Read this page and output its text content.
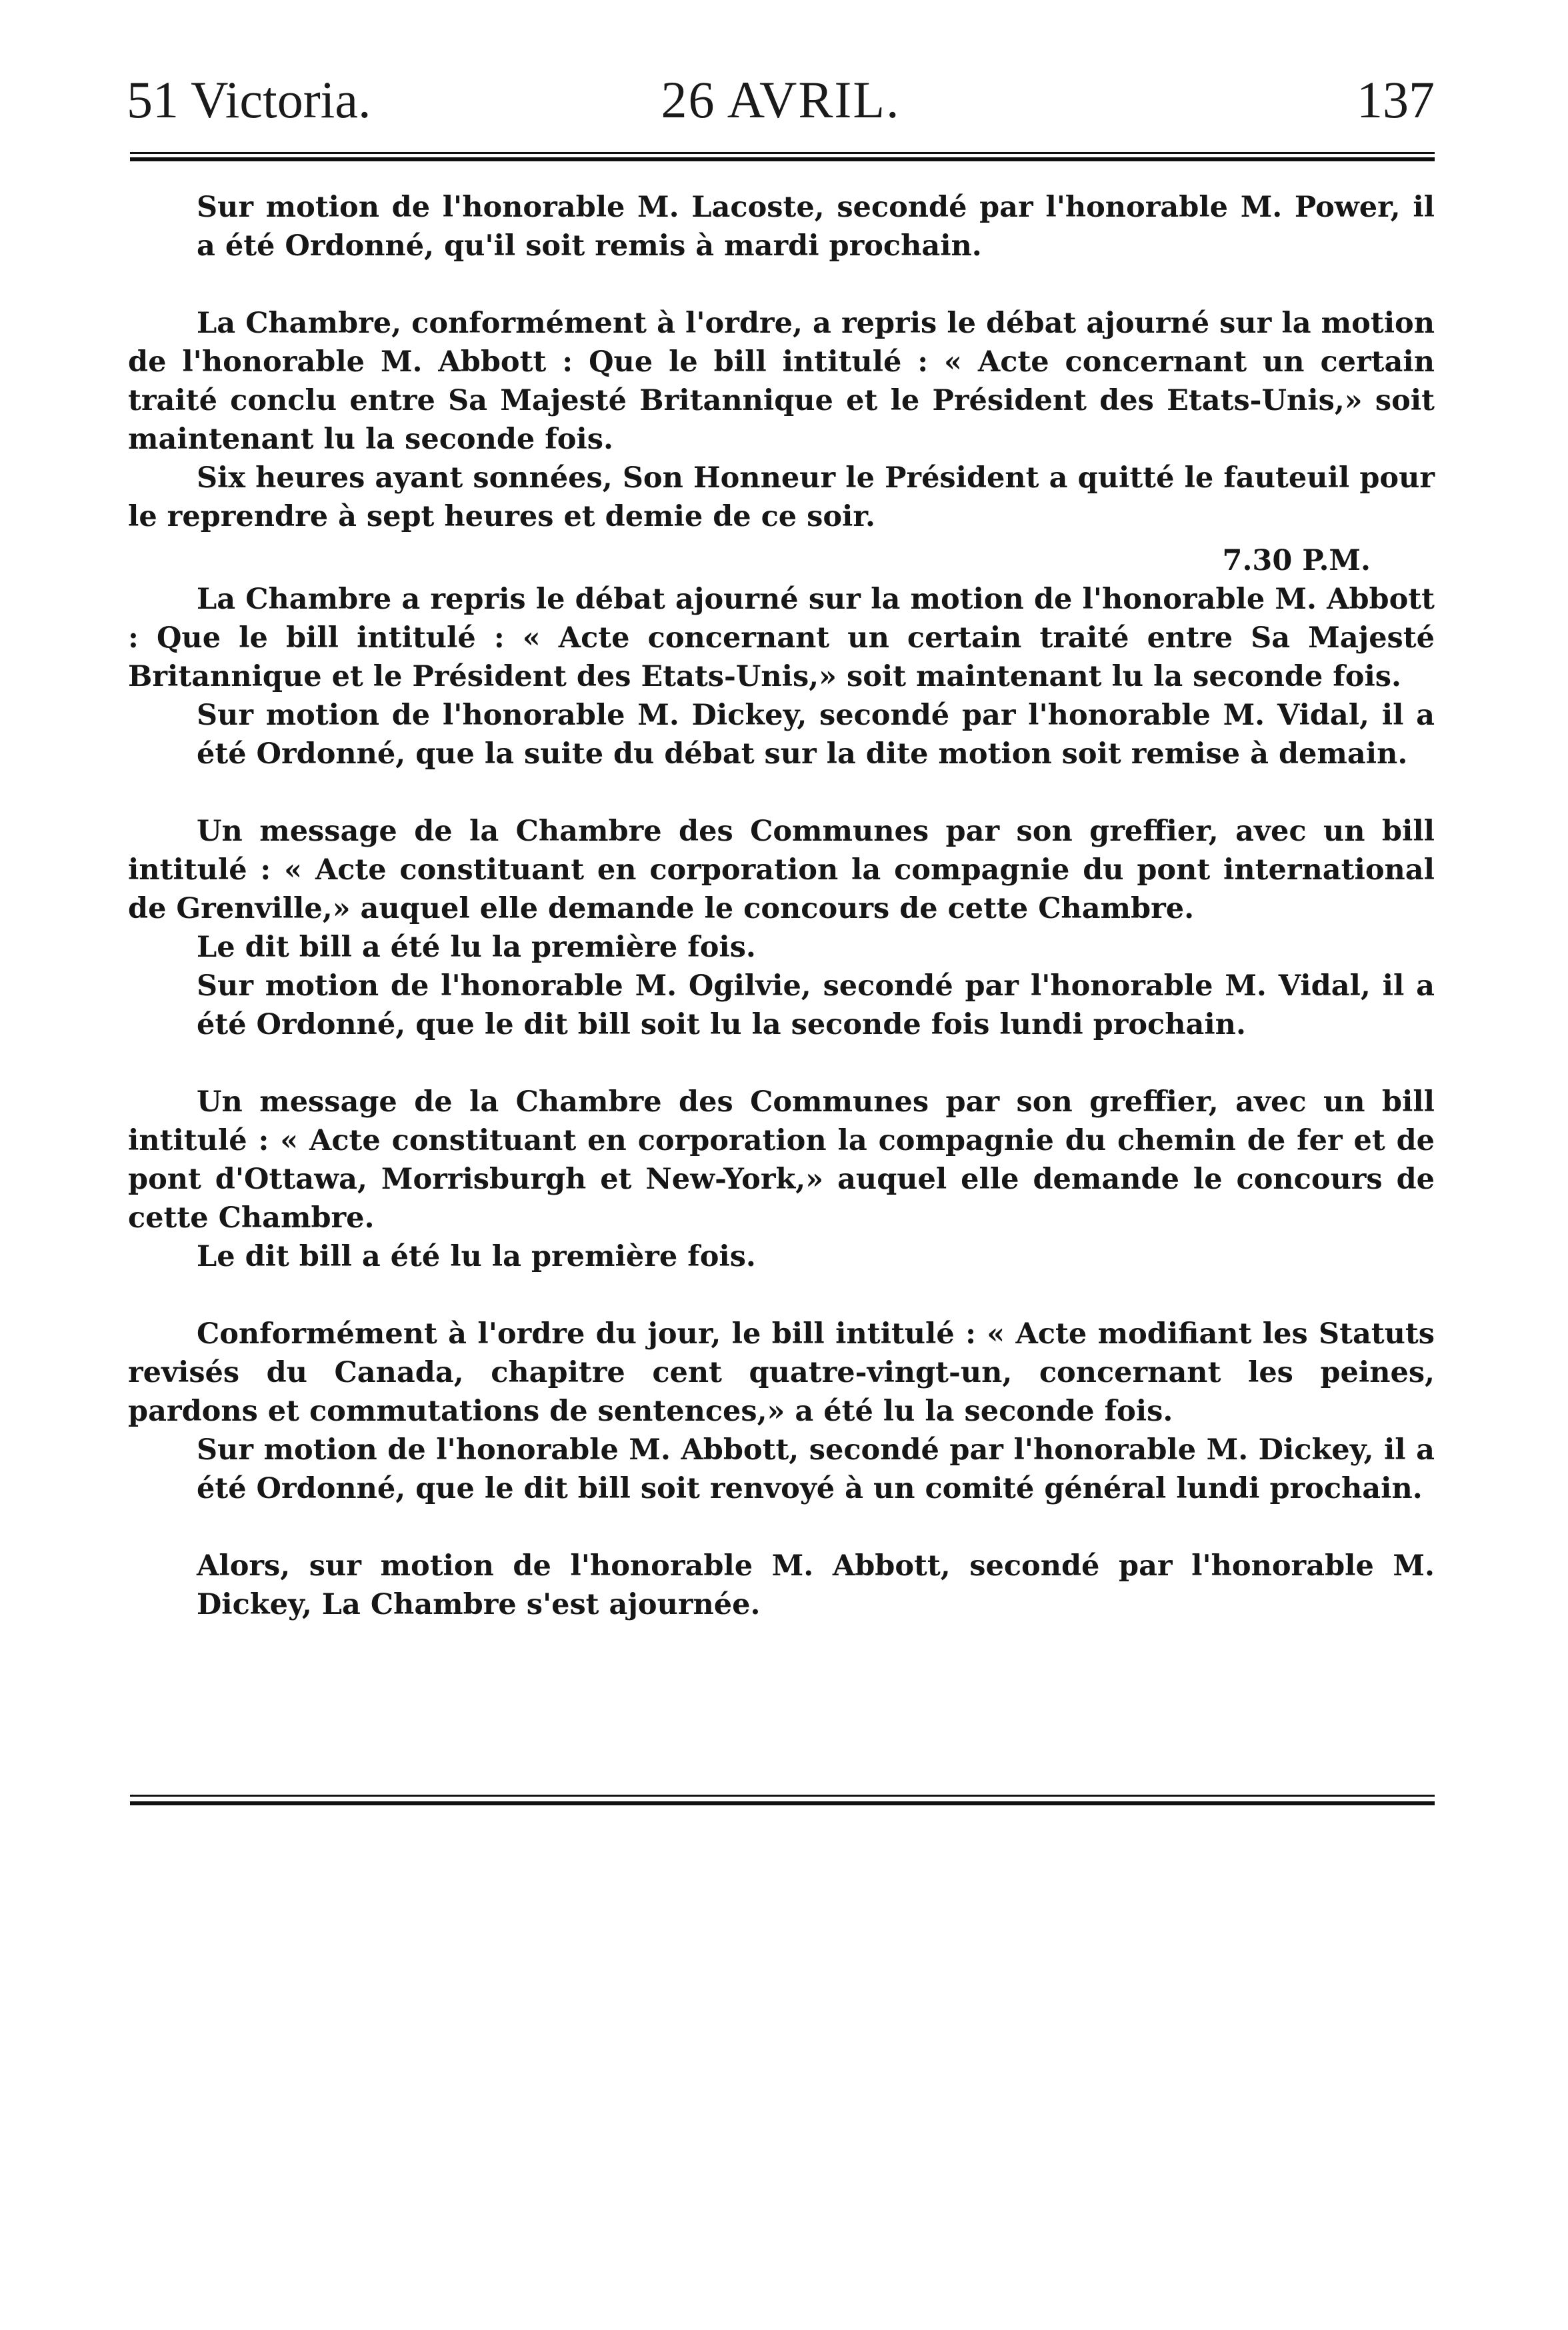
51 Victoria.	26 AVRIL.	137

Sur motion de l'honorable M. Lacoste, secondé par l'honorable M. Power, il a été Ordonné, qu'il soit remis à mardi prochain.

La Chambre, conformément à l'ordre, a repris le débat ajourné sur la motion de l'honorable M. Abbott : Que le bill intitulé : « Acte concernant un certain traité conclu entre Sa Majesté Britannique et le Président des Etats-Unis,» soit maintenant lu la seconde fois.

Six heures ayant sonnées, Son Honneur le Président a quitté le fauteuil pour le reprendre à sept heures et demie de ce soir.

7.30 P.M.

La Chambre a repris le débat ajourné sur la motion de l'honorable M. Abbott : Que le bill intitulé : « Acte concernant un certain traité entre Sa Majesté Britannique et le Président des Etats-Unis,» soit maintenant lu la seconde fois.

Sur motion de l'honorable M. Dickey, secondé par l'honorable M. Vidal, il a été Ordonné, que la suite du débat sur la dite motion soit remise à demain.

Un message de la Chambre des Communes par son greffier, avec un bill intitulé : « Acte constituant en corporation la compagnie du pont international de Grenville,» auquel elle demande le concours de cette Chambre.

Le dit bill a été lu la première fois.

Sur motion de l'honorable M. Ogilvie, secondé par l'honorable M. Vidal, il a été Ordonné, que le dit bill soit lu la seconde fois lundi prochain.

Un message de la Chambre des Communes par son greffier, avec un bill intitulé : « Acte constituant en corporation la compagnie du chemin de fer et de pont d'Ottawa, Morrisburgh et New-York,» auquel elle demande le concours de cette Chambre.

Le dit bill a été lu la première fois.

Conformément à l'ordre du jour, le bill intitulé : « Acte modifiant les Statuts revisés du Canada, chapitre cent quatre-vingt-un, concernant les peines, pardons et commutations de sentences,» a été lu la seconde fois.

Sur motion de l'honorable M. Abbott, secondé par l'honorable M. Dickey, il a été Ordonné, que le dit bill soit renvoyé à un comité général lundi prochain.

Alors, sur motion de l'honorable M. Abbott, secondé par l'honorable M. Dickey, La Chambre s'est ajournée.
